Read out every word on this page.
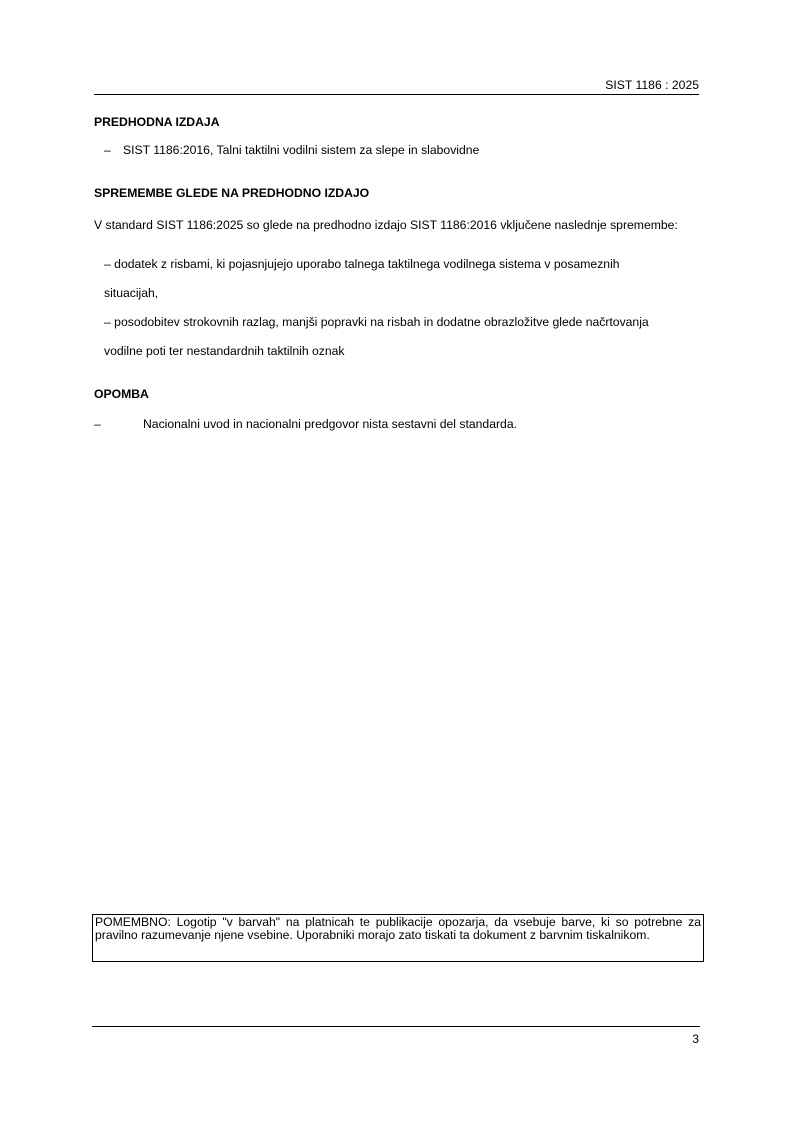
SIST 1186 : 2025
PREDHODNA IZDAJA
– SIST 1186:2016, Talni taktilni vodilni sistem za slepe in slabovidne
SPREMEMBE GLEDE NA PREDHODNO IZDAJO
V standard SIST 1186:2025 so glede na predhodno izdajo SIST 1186:2016 vključene naslednje spremembe:
– dodatek z risbami, ki pojasnjujejo uporabo talnega taktilnega vodilnega sistema v posameznih
situacijah,
– posodobitev strokovnih razlag, manjši popravki na risbah in dodatne obrazložitve glede načrtovanja
vodilne poti ter nestandardnih taktilnih oznak
OPOMBA
–	Nacionalni uvod in nacionalni predgovor nista sestavni del standarda.
POMEMBNO: Logotip "v barvah" na platnicah te publikacije opozarja, da vsebuje barve, ki so potrebne za pravilno razumevanje njene vsebine. Uporabniki morajo zato tiskati ta dokument z barvnim tiskalnikom.
3
